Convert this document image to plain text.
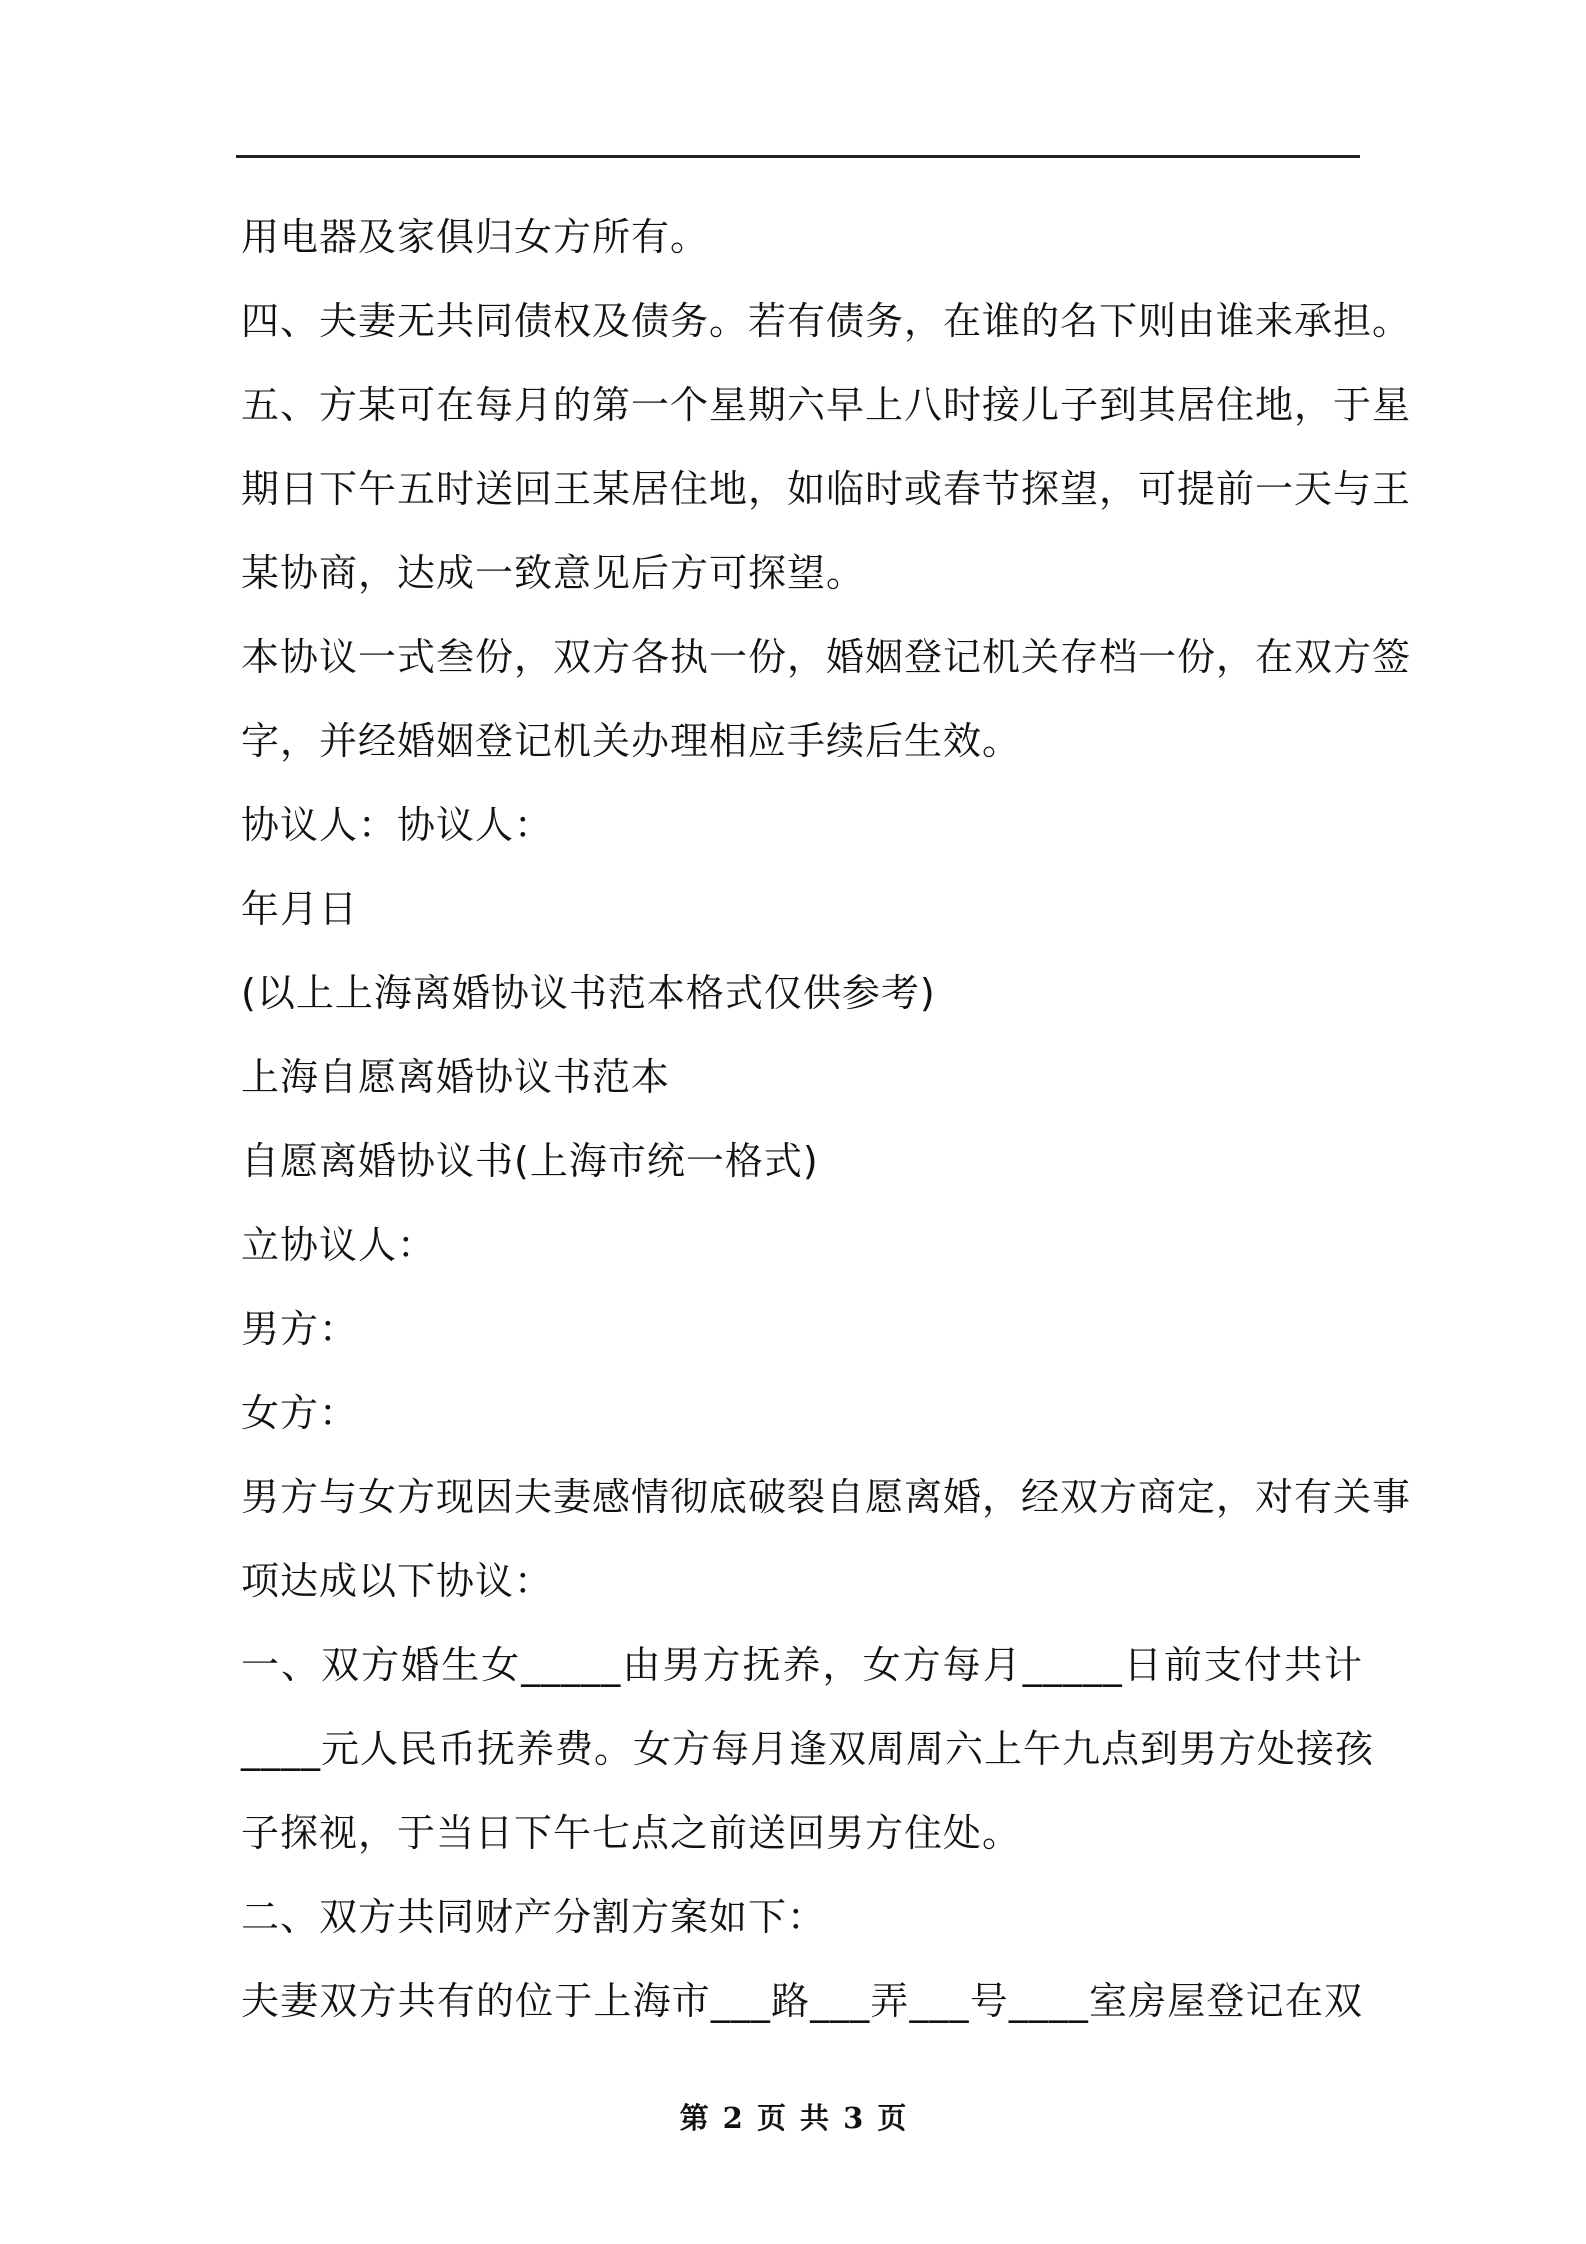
用电器及家俱归女方所有。
四、夫妻无共同债权及债务。若有债务，在谁的名下则由谁来承担。
五、方某可在每月的第一个星期六早上八时接儿子到其居住地，于星
期日下午五时送回王某居住地，如临时或春节探望，可提前一天与王
某协商，达成一致意见后方可探望。
本协议一式叁份，双方各执一份，婚姻登记机关存档一份，在双方签
字，并经婚姻登记机关办理相应手续后生效。
协议人：协议人：
年月日
(以上上海离婚协议书范本格式仅供参考)
上海自愿离婚协议书范本
自愿离婚协议书(上海市统一格式)
立协议人：
男方：
女方：
男方与女方现因夫妻感情彻底破裂自愿离婚，经双方商定，对有关事
项达成以下协议：
一、双方婚生女_____由男方抚养，女方每月_____日前支付共计
____元人民币抚养费。女方每月逢双周周六上午九点到男方处接孩
子探视，于当日下午七点之前送回男方住处。
二、双方共同财产分割方案如下：
夫妻双方共有的位于上海市___路___弄___号____室房屋登记在双
第 2 页 共 3 页
